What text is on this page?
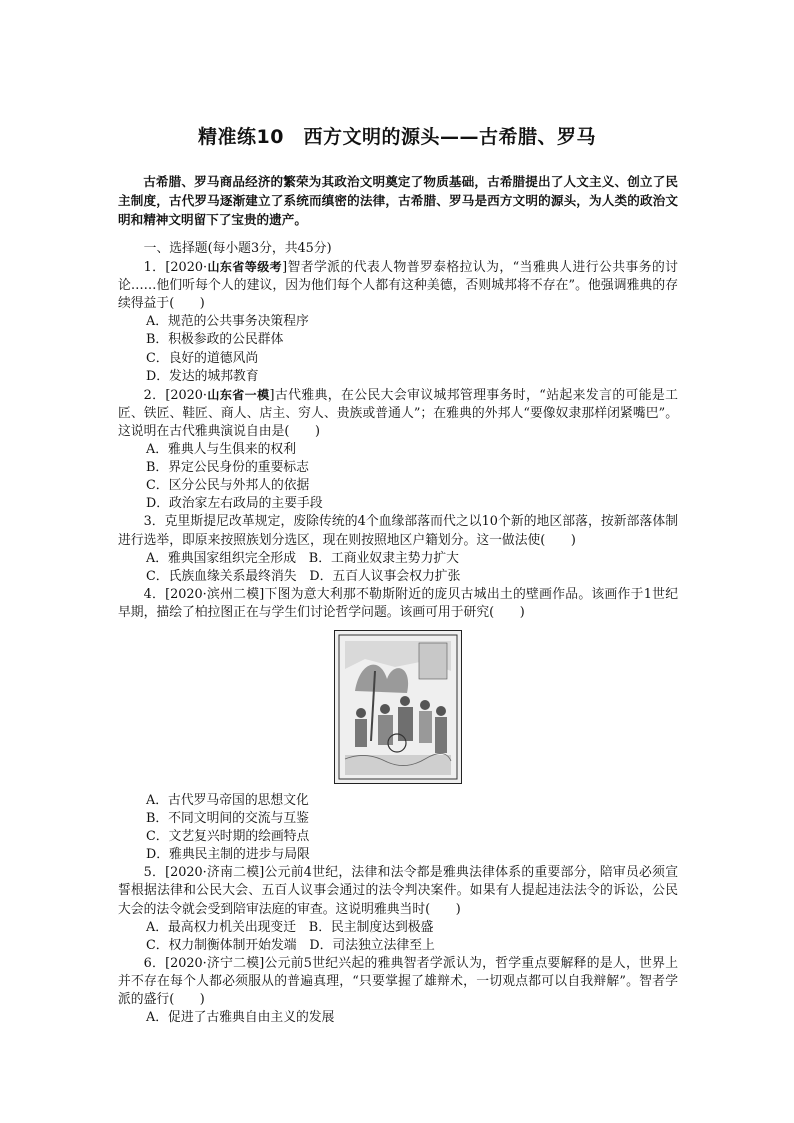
精准练10　西方文明的源头——古希腊、罗马
古希腊、罗马商品经济的繁荣为其政治文明奠定了物质基础，古希腊提出了人文主义、创立了民主制度，古代罗马逐渐建立了系统而缜密的法律，古希腊、罗马是西方文明的源头，为人类的政治文明和精神文明留下了宝贵的遗产。

一、选择题(每小题3分，共45分)

1．[2020·山东省等级考]智者学派的代表人物普罗泰格拉认为，“当雅典人进行公共事务的讨论……他们听每个人的建议，因为他们每个人都有这种美德，否则城邦将不存在”。他强调雅典的存续得益于(　　)

A．规范的公共事务决策程序

B．积极参政的公民群体

C．良好的道德风尚

D．发达的城邦教育

2．[2020·山东省一模]古代雅典，在公民大会审议城邦管理事务时，“站起来发言的可能是工匠、铁匠、鞋匠、商人、店主、穷人、贵族或普通人”；在雅典的外邦人“要像奴隶那样闭紧嘴巴”。这说明在古代雅典演说自由是(　　)

A．雅典人与生俱来的权利

B．界定公民身份的重要标志

C．区分公民与外邦人的依据

D．政治家左右政局的主要手段

3．克里斯提尼改革规定，废除传统的4个血缘部落而代之以10个新的地区部落，按新部落体制进行选举，即原来按照族划分选区，现在则按照地区户籍划分。这一做法使(　　)

A．雅典国家组织完全形成　B．工商业奴隶主势力扩大

C．氏族血缘关系最终消失　D．五百人议事会权力扩张

4．[2020·滨州二模]下图为意大利那不勒斯附近的庞贝古城出土的壁画作品。该画作于1世纪早期，描绘了柏拉图正在与学生们讨论哲学问题。该画可用于研究(　　)

A．古代罗马帝国的思想文化

B．不同文明间的交流与互鉴

C．文艺复兴时期的绘画特点

D．雅典民主制的进步与局限

5．[2020·济南二模]公元前4世纪，法律和法令都是雅典法律体系的重要部分，陪审员必须宣誓根据法律和公民大会、五百人议事会通过的法令判决案件。如果有人提起违法法令的诉讼，公民大会的法令就会受到陪审法庭的审查。这说明雅典当时(　　)

A．最高权力机关出现变迁　B．民主制度达到极盛

C．权力制衡体制开始发端　D．司法独立法律至上

6．[2020·济宁二模]公元前5世纪兴起的雅典智者学派认为，哲学重点要解释的是人，世界上并不存在每个人都必须服从的普遍真理，“只要掌握了雄辩术，一切观点都可以自我辩解”。智者学派的盛行(　　)

A．促进了古雅典自由主义的发展
